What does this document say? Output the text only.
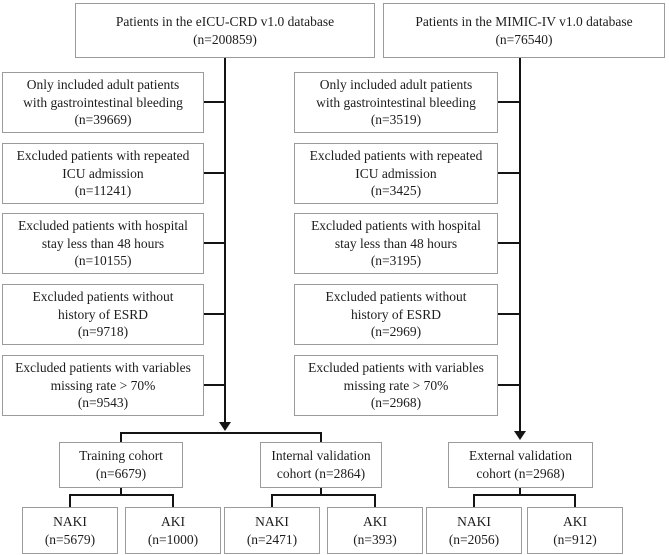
Patients in the eICU-CRD v1.0 database
(n=200859)
Patients in the MIMIC-IV v1.0 database
(n=76540)
Only included adult patients
with gastrointestinal bleeding
(n=39669)
Excluded patients with repeated
ICU admission
(n=11241)
Excluded patients with hospital
stay less than 48 hours
(n=10155)
Excluded patients without
history of ESRD
(n=9718)
Excluded patients with variables
missing rate > 70%
(n=9543)
Only included adult patients
with gastrointestinal bleeding
(n=3519)
Excluded patients with repeated
ICU admission
(n=3425)
Excluded patients with hospital
stay less than 48 hours
(n=3195)
Excluded patients without
history of ESRD
(n=2969)
Excluded patients with variables
missing rate > 70%
(n=2968)
Training cohort
(n=6679)
Internal validation
cohort (n=2864)
External validation
cohort (n=2968)
NAKI
(n=5679)
AKI
(n=1000)
NAKI
(n=2471)
AKI
(n=393)
NAKI
(n=2056)
AKI
(n=912)
